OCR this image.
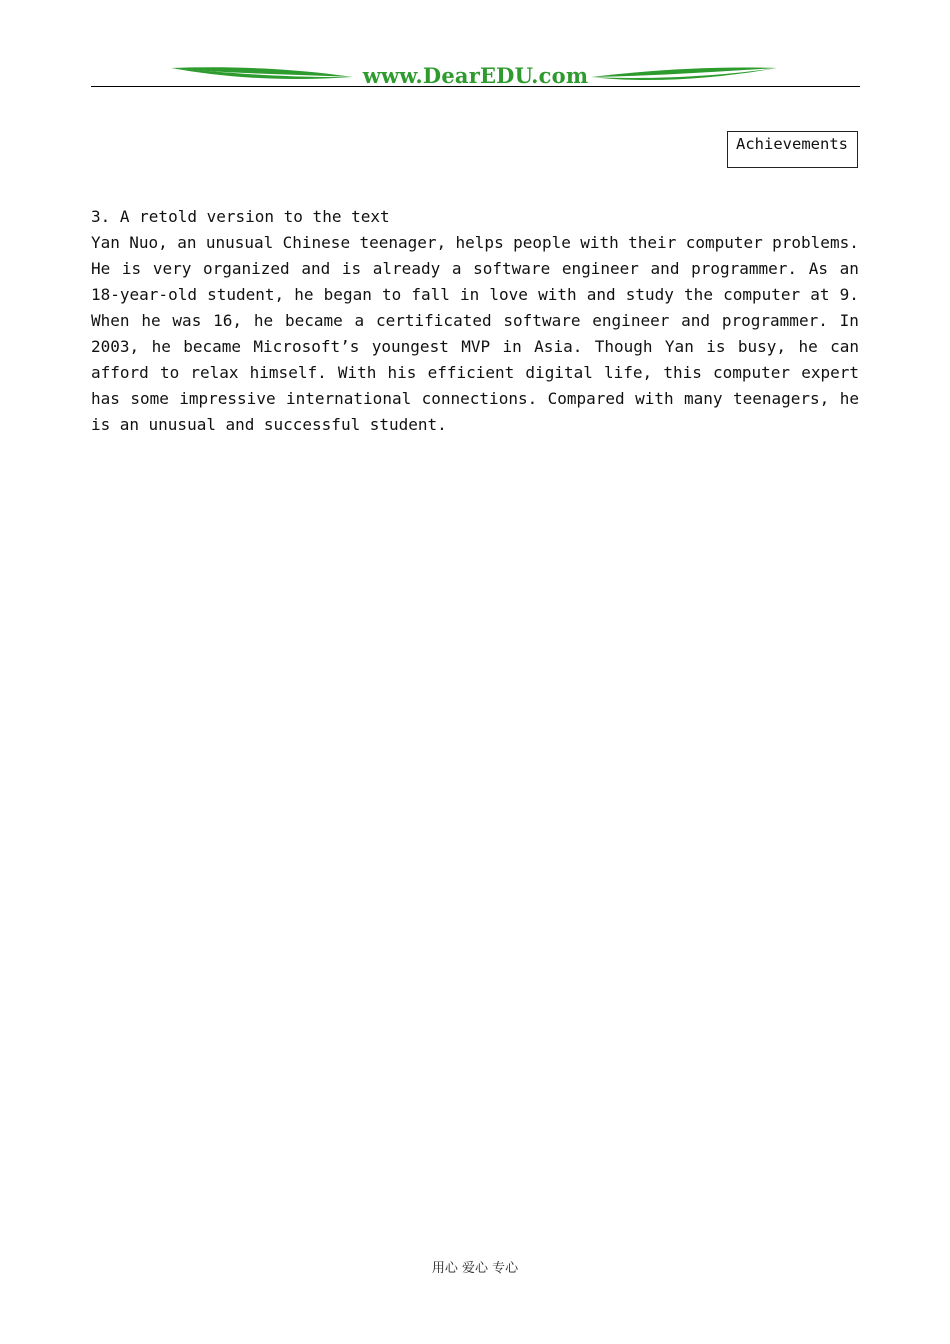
www.DearEDU.com
Achievements
3. A retold version to the text
Yan Nuo, an unusual Chinese teenager, helps people with their computer problems.
He is very organized and is already a software engineer and programmer. As an
18-year-old student, he began to fall in love with and study the computer at 9.
When he was 16, he became a certificated software engineer and programmer. In
2003, he became Microsoft’s youngest MVP in Asia. Though Yan is busy, he can
afford to relax himself. With his efficient digital life, this computer expert
has some impressive international connections. Compared with many teenagers, he
is an unusual and successful student.
用心 爱心 专心
